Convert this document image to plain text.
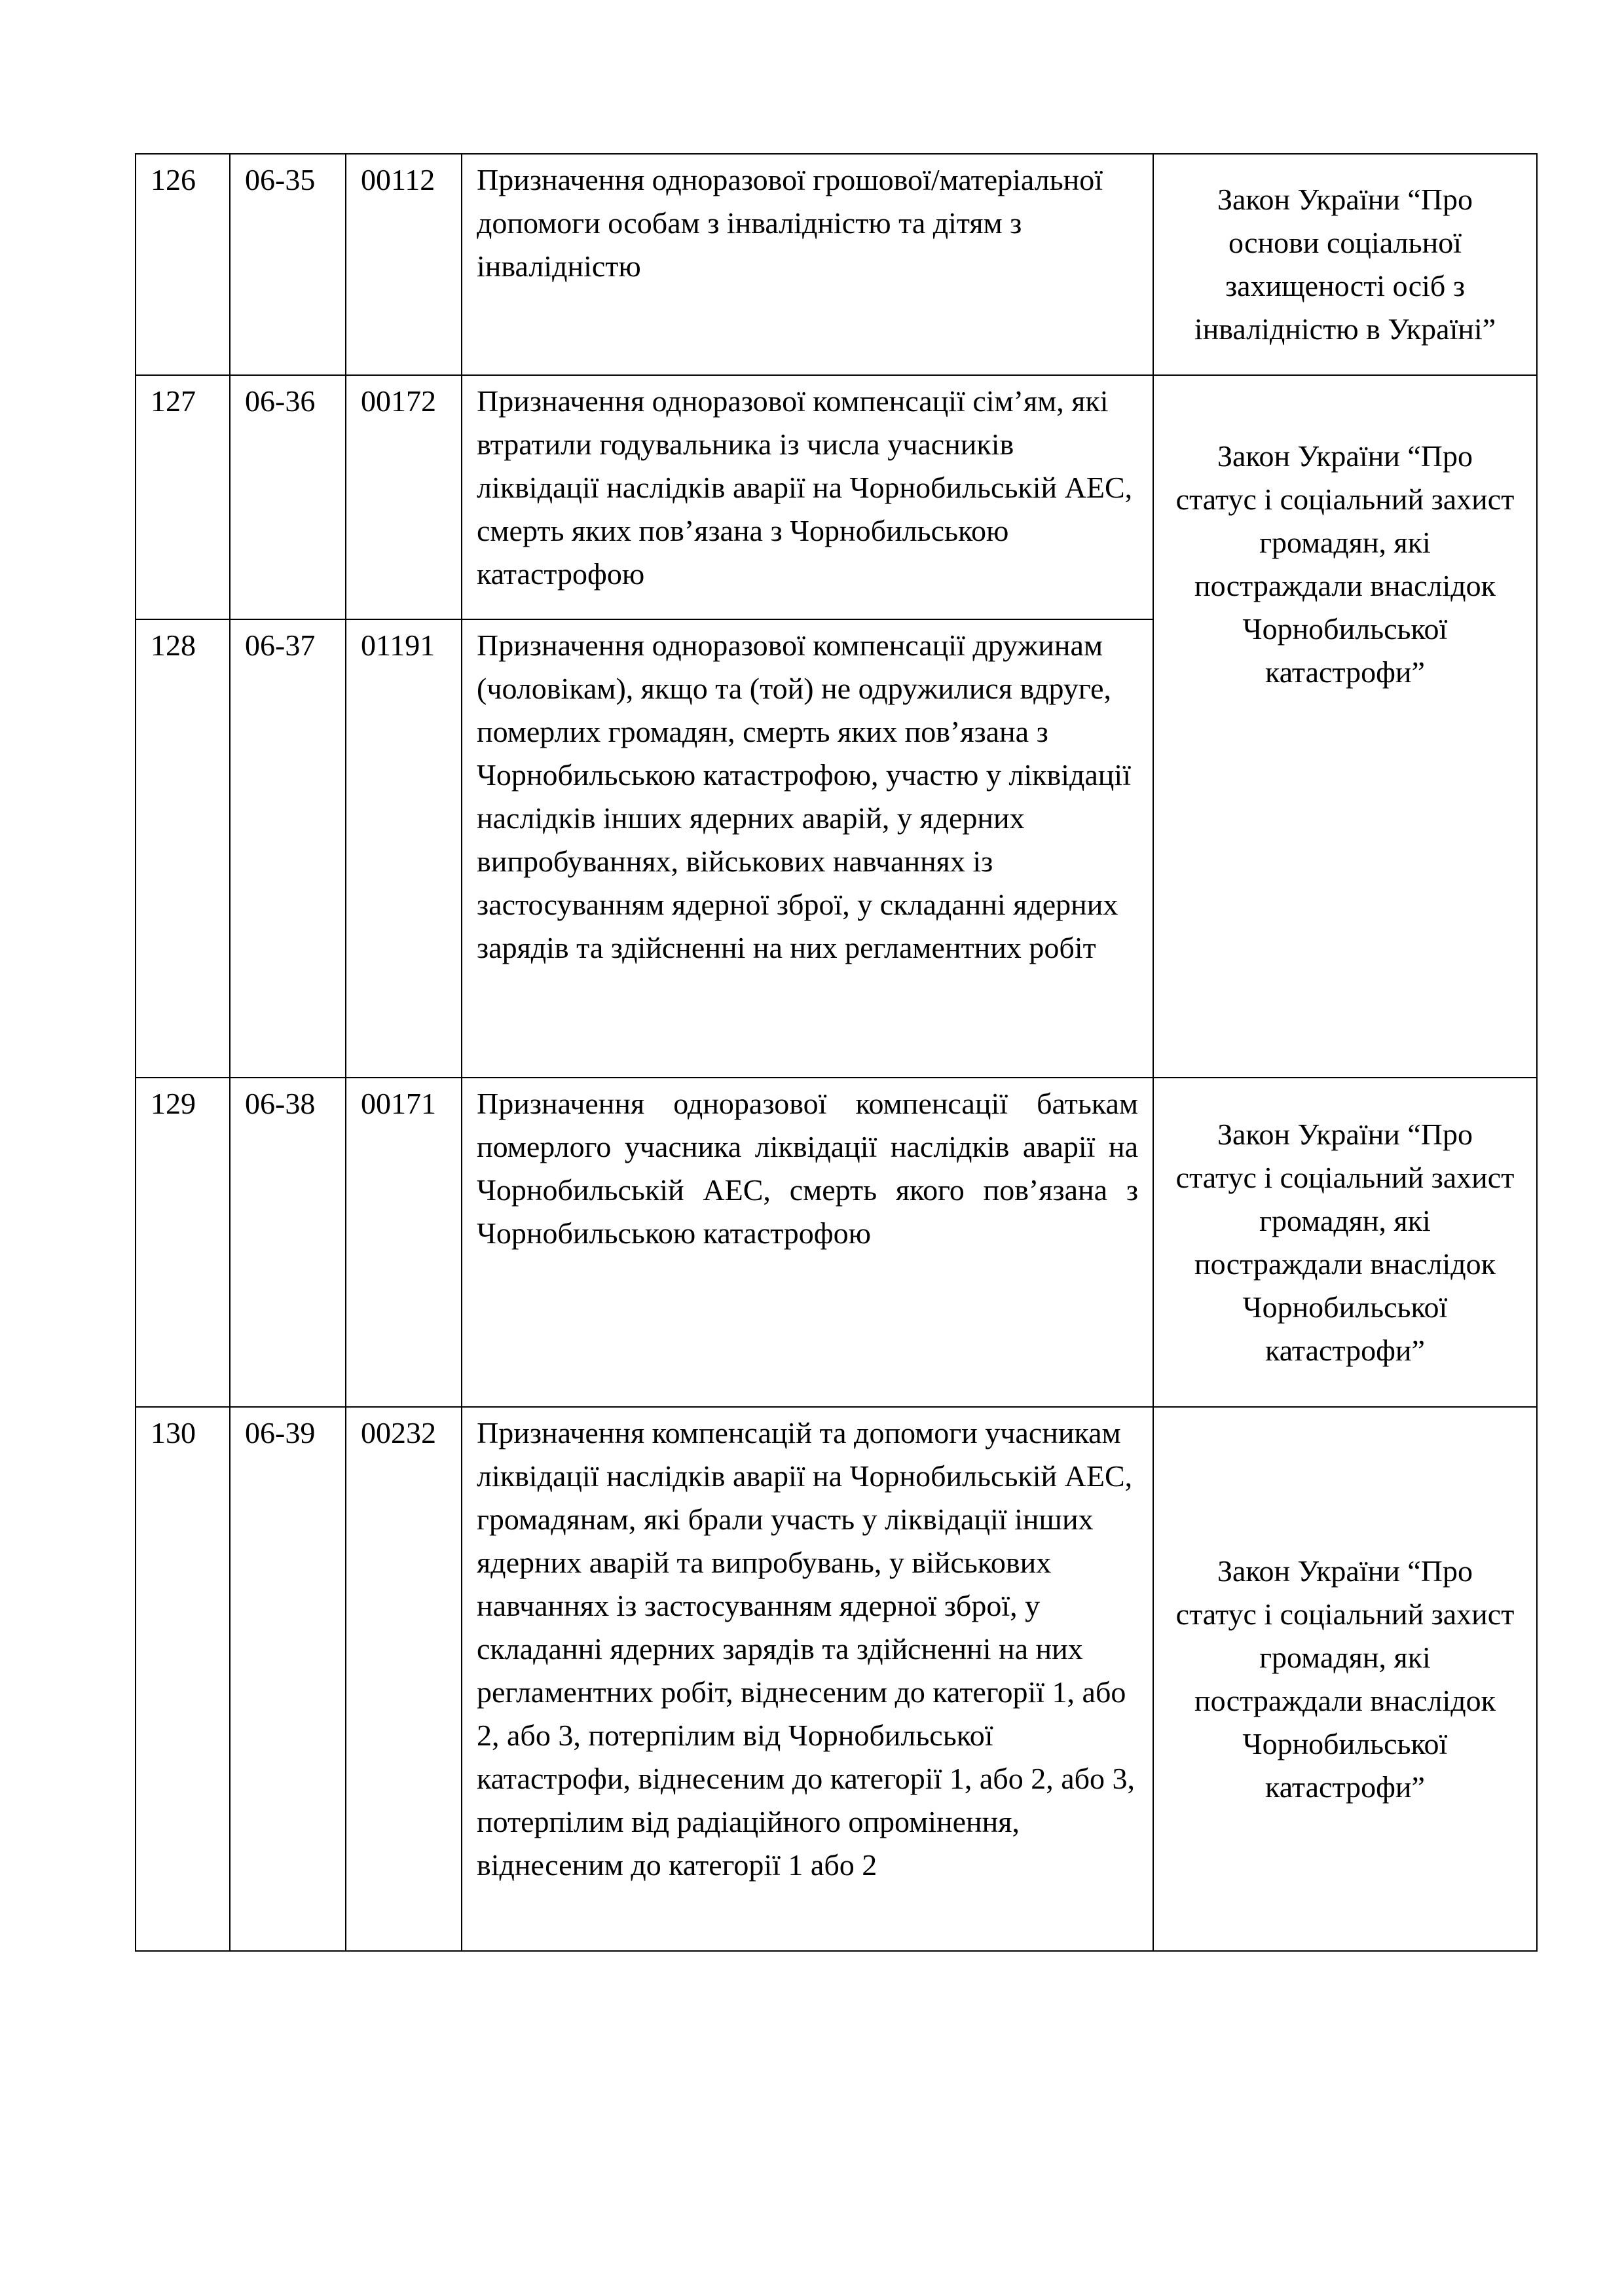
126	06-35	00112	Призначення одноразової грошової/матеріальної допомоги особам з інвалідністю та дітям з інвалідністю	Закон України “Про основи соціальної захищеності осіб з інвалідністю в Україні”
127	06-36	00172	Призначення одноразової компенсації сім’ям, які втратили годувальника із числа учасників ліквідації наслідків аварії на Чорнобильській АЕС, смерть яких пов’язана з Чорнобильською катастрофою	Закон України “Про статус і соціальний захист громадян, які постраждали внаслідок Чорнобильської катастрофи”
128	06-37	01191	Призначення одноразової компенсації дружинам (чоловікам), якщо та (той) не одружилися вдруге, померлих громадян, смерть яких пов’язана з Чорнобильською катастрофою, участю у ліквідації наслідків інших ядерних аварій, у ядерних випробуваннях, військових навчаннях із застосуванням ядерної зброї, у складанні ядерних зарядів та здійсненні на них регламентних робіт	
129	06-38	00171	Призначення одноразової компенсації батькам померлого учасника ліквідації наслідків аварії на Чорнобильській АЕС, смерть якого пов’язана з Чорнобильською катастрофою	Закон України “Про статус і соціальний захист громадян, які постраждали внаслідок Чорнобильської катастрофи”
130	06-39	00232	Призначення компенсацій та допомоги учасникам ліквідації наслідків аварії на Чорнобильській АЕС, громадянам, які брали участь у ліквідації інших ядерних аварій та випробувань, у військових навчаннях із застосуванням ядерної зброї, у складанні ядерних зарядів та здійсненні на них регламентних робіт, віднесеним до категорії 1, або 2, або 3, потерпілим від Чорнобильської катастрофи, віднесеним до категорії 1, або 2, або 3, потерпілим від радіаційного опромінення, віднесеним до категорії 1 або 2	Закон України “Про статус і соціальний захист громадян, які постраждали внаслідок Чорнобильської катастрофи”
